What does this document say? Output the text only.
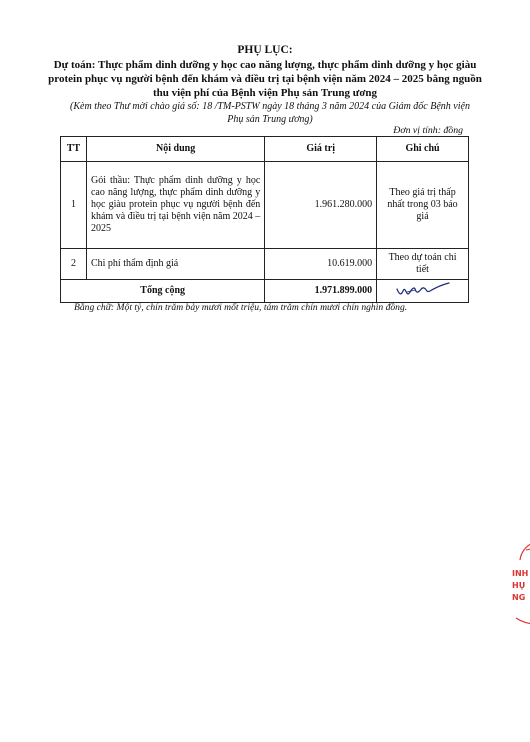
PHỤ LỤC:
Dự toán: Thực phẩm dinh dưỡng y học cao năng lượng, thực phẩm dinh dưỡng y học giàu protein phục vụ người bệnh đến khám và điều trị tại bệnh viện năm 2024 – 2025 bằng nguồn thu viện phí của Bệnh viện Phụ sản Trung ương
(Kèm theo Thư mời chào giá số: 18 /TM-PSTW ngày 18 tháng 3 năm 2024 của Giám đốc Bệnh viện Phụ sản Trung ương)
Đơn vị tính: đồng
TT	Nội dung	Giá trị	Ghi chú
1	Gói thầu: Thực phẩm dinh dưỡng y học cao năng lượng, thực phẩm dinh dưỡng y học giàu protein phục vụ người bệnh đến khám và điều trị tại bệnh viện năm 2024 – 2025	1.961.280.000	Theo giá trị thấp nhất trong 03 báo giá
2	Chi phí thẩm định giá	10.619.000	Theo dự toán chi tiết
Tổng cộng		1.971.899.000	
Bằng chữ: Một tỷ, chín trăm bảy mươi mốt triệu, tám trăm chín mươi chín nghìn đồng.
INH
HỤ
NG
